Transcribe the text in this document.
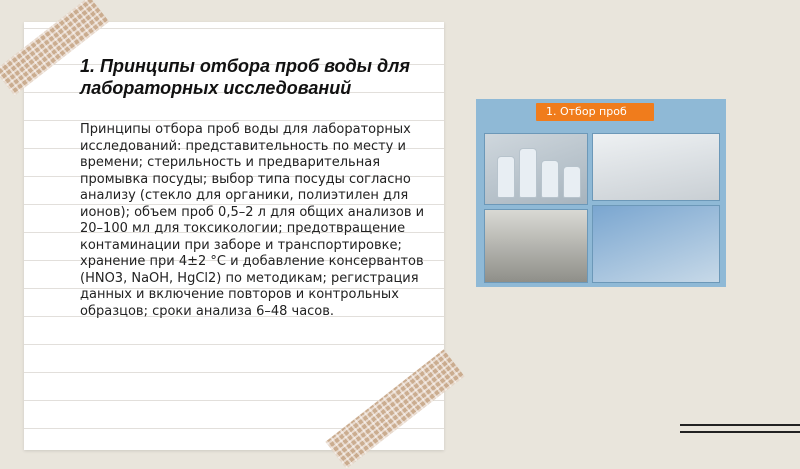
1. Принципы отбора проб воды для лабораторных исследований

Принципы отбора проб воды для лабораторных исследований: представительность по месту и времени; стерильность и предварительная промывка посуды; выбор типа посуды согласно анализу (стекло для органики, полиэтилен для ионов); объем проб 0,5–2 л для общих анализов и 20–100 мл для токсикологии; предотвращение контаминации при заборе и транспортировке; хранение при 4±2 °C и добавление консервантов (HNO3, NaOH, HgCl2) по методикам; регистрация данных и включение повторов и контрольных образцов; сроки анализа 6–48 часов.

1. Отбор проб
